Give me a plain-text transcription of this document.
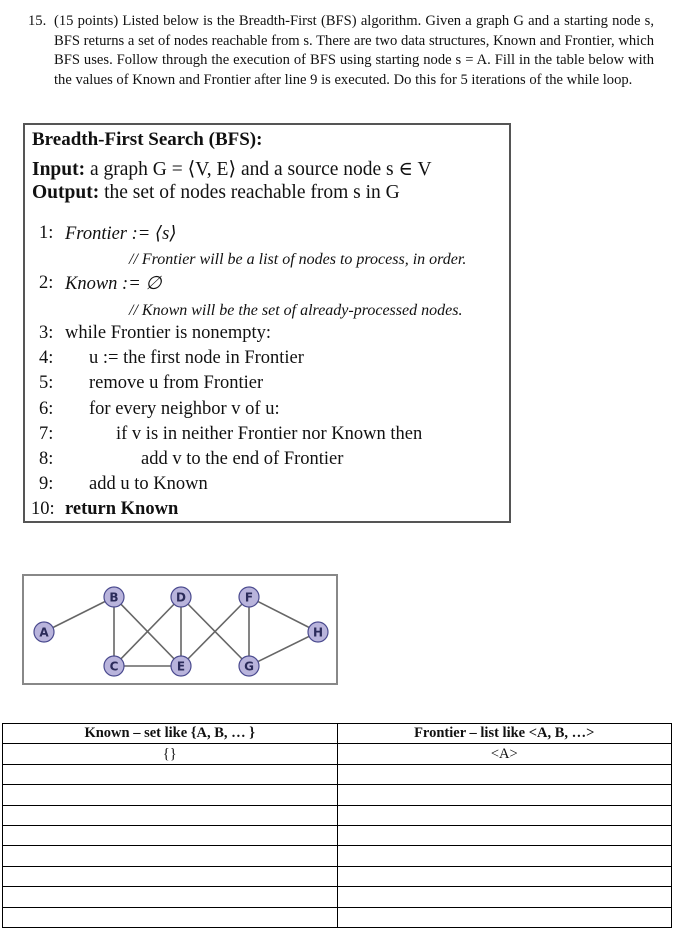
15. (15 points) Listed below is the Breadth-First (BFS) algorithm. Given a graph G and a starting node s, BFS returns a set of nodes reachable from s. There are two data structures, Known and Frontier, which BFS uses. Follow through the execution of BFS using starting node s = A. Fill in the table below with the values of Known and Frontier after line 9 is executed. Do this for 5 iterations of the while loop.
Breadth-First Search (BFS):
Input: a graph G = ⟨V, E⟩ and a source node s ∈ V
Output: the set of nodes reachable from s in G
1: Frontier := ⟨s⟩
// Frontier will be a list of nodes to process, in order.
2: Known := ∅
// Known will be the set of already-processed nodes.
3: while Frontier is nonempty:
4: u := the first node in Frontier
5: remove u from Frontier
6: for every neighbor v of u:
7:	if v is in neither Frontier nor Known then
8:	add v to the end of Frontier
9: add u to Known
10: return Known
A
B
C
D
E
F
G
H
Known – set like {A, B, … }	Frontier – list like <A, B, …>
{}	<A>
